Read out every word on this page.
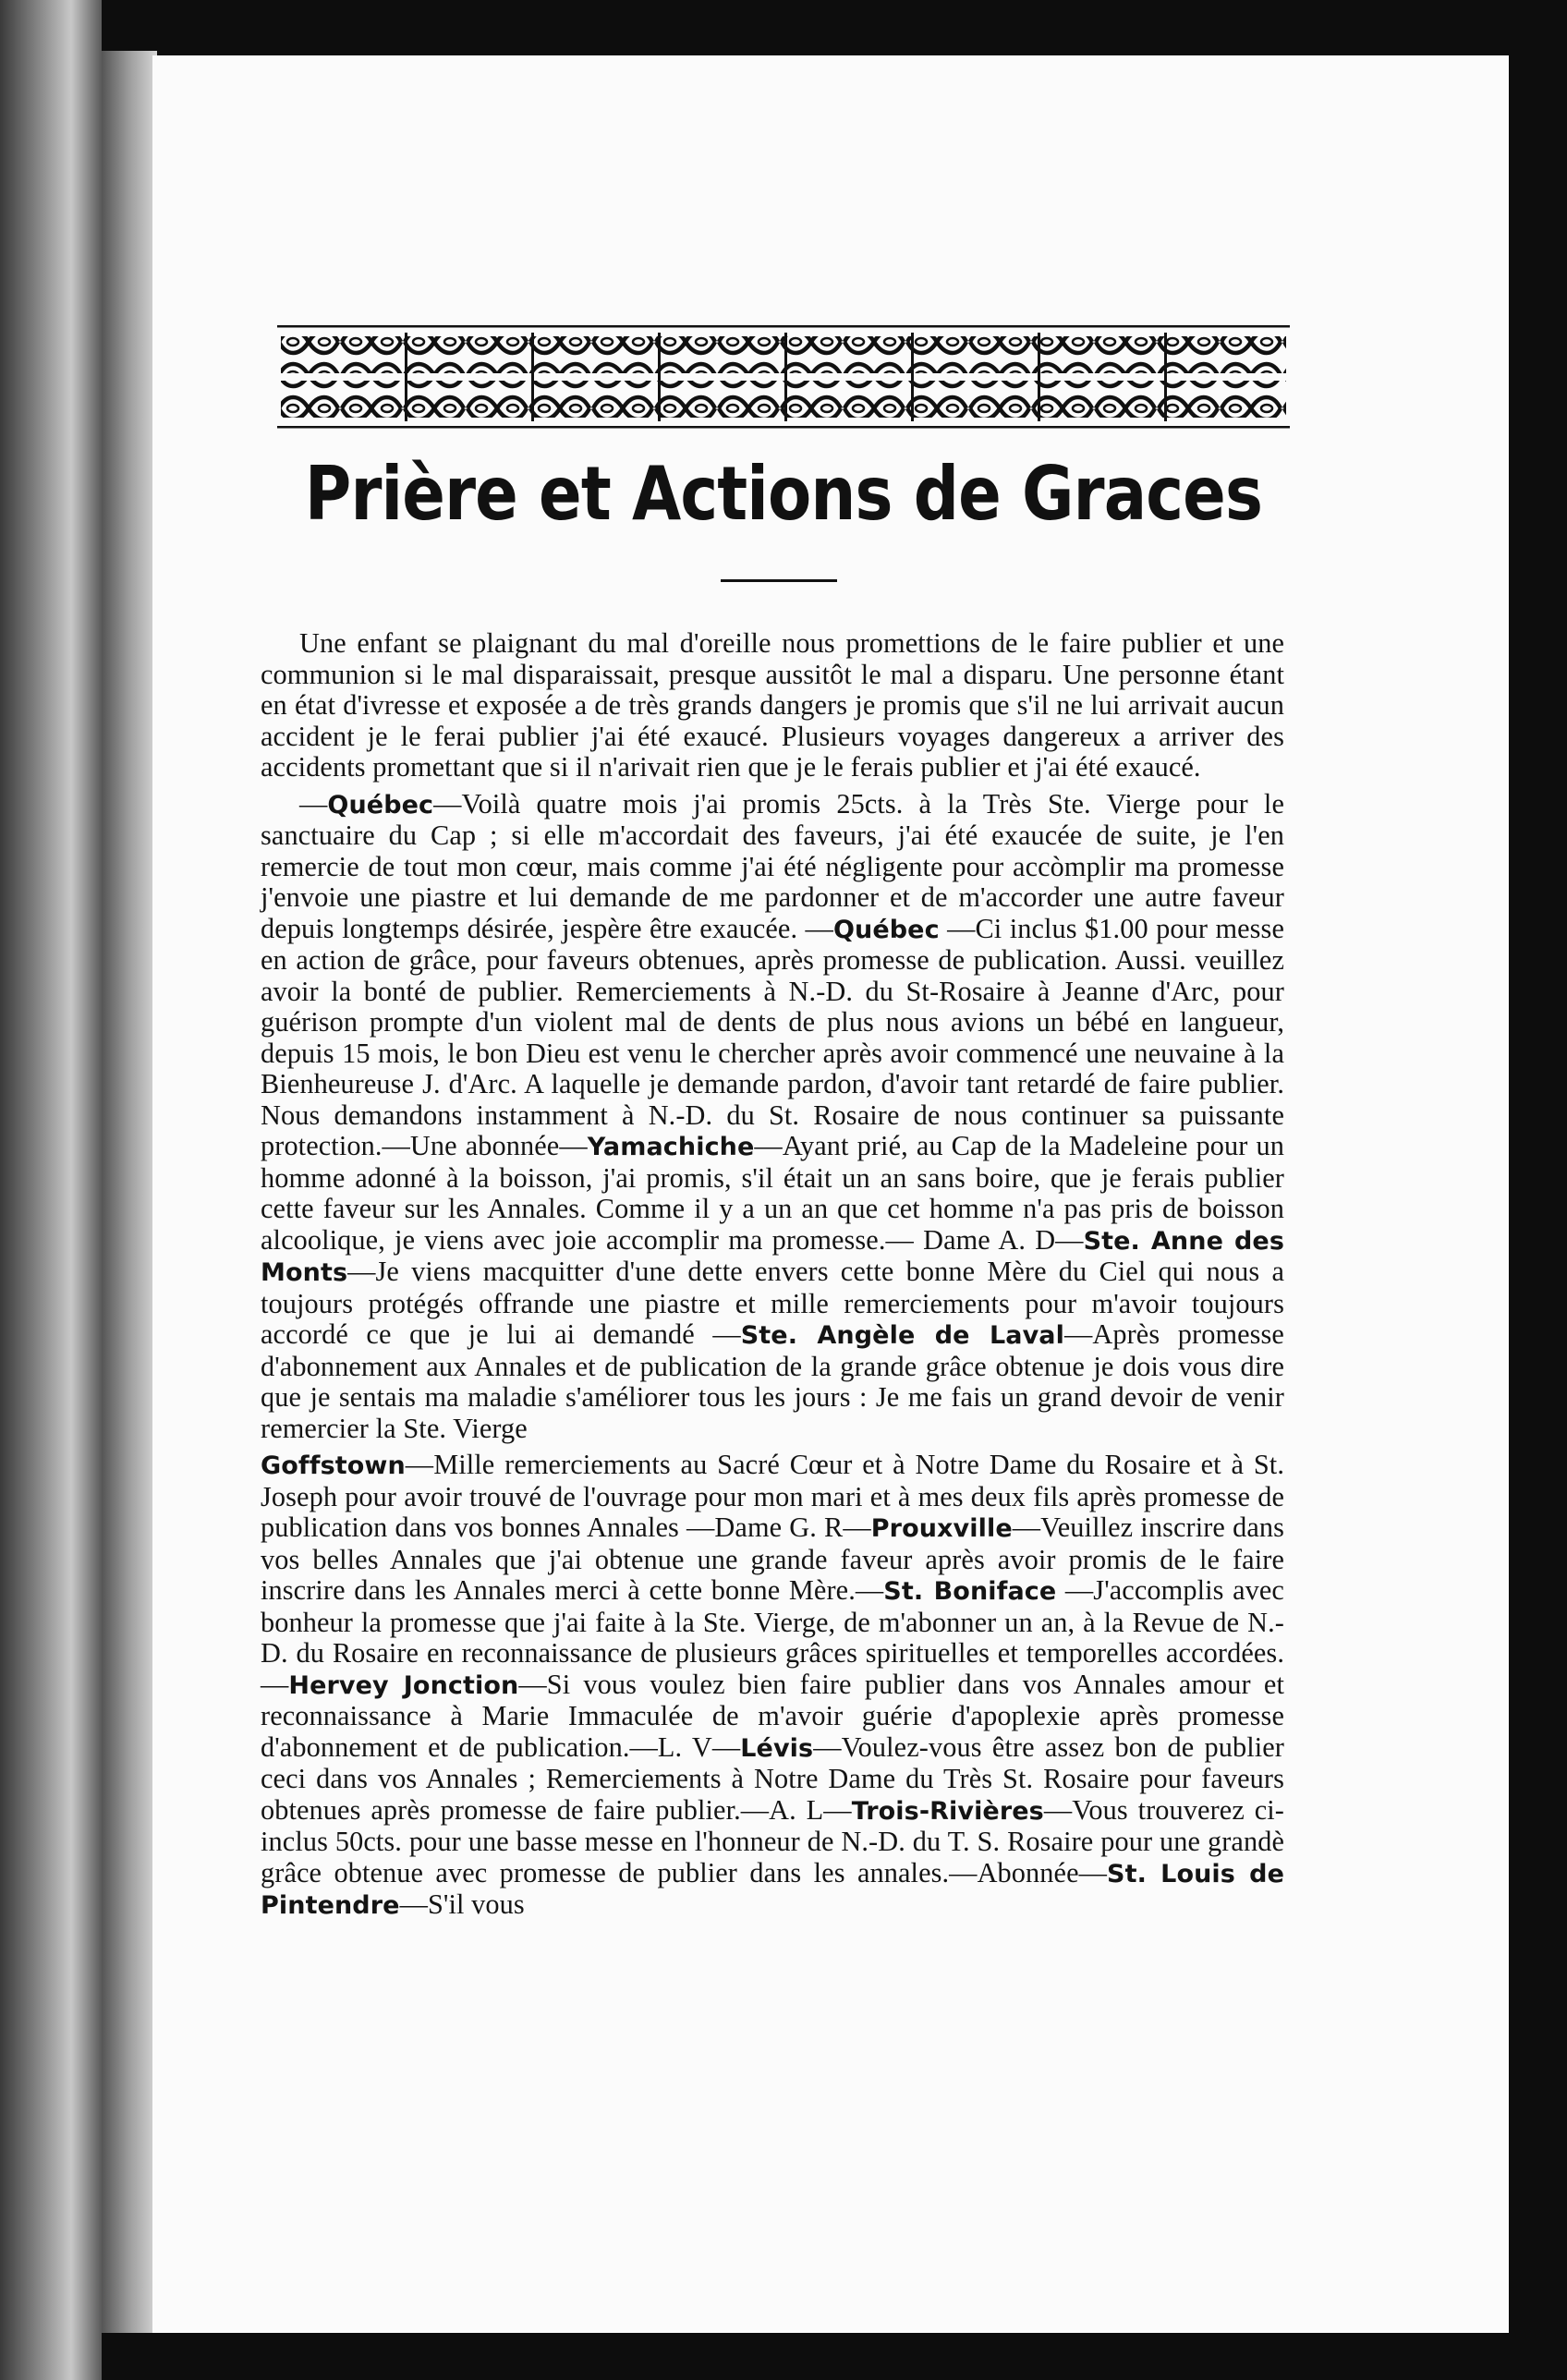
Prière et Actions de Graces

Une enfant se plaignant du mal d'oreille nous promettions de le faire publier et une communion si le mal disparaissait, presque aussitôt le mal a disparu. Une personne étant en état d'ivresse et exposée a de très grands dangers je promis que s'il ne lui arrivait aucun accident je le ferai publier j'ai été exaucé. Plusieurs voyages dangereux a arriver des accidents promettant que si il n'arivait rien que je le ferais publier et j'ai été exaucé.

—Québec—Voilà quatre mois j'ai promis 25cts. à la Très Ste. Vierge pour le sanctuaire du Cap ; si elle m'accordait des faveurs, j'ai été exaucée de suite, je l'en remercie de tout mon cœur, mais comme j'ai été négligente pour accòmplir ma promesse j'envoie une piastre et lui demande de me pardonner et de m'accorder une autre faveur depuis longtemps désirée, jespère être exaucée. —Québec —Ci inclus $1.00 pour messe en action de grâce, pour faveurs obtenues, après promesse de publication. Aussi. veuillez avoir la bonté de publier. Remerciements à N.-D. du St-Rosaire à Jeanne d'Arc, pour guérison prompte d'un violent mal de dents de plus nous avions un bébé en langueur, depuis 15 mois, le bon Dieu est venu le chercher après avoir commencé une neuvaine à la Bienheureuse J. d'Arc. A laquelle je demande pardon, d'avoir tant retardé de faire publier. Nous demandons instamment à N.-D. du St. Rosaire de nous continuer sa puissante protection.—Une abonnée—Yamachiche—Ayant prié, au Cap de la Madeleine pour un homme adonné à la boisson, j'ai promis, s'il était un an sans boire, que je ferais publier cette faveur sur les Annales. Comme il y a un an que cet homme n'a pas pris de boisson alcoolique, je viens avec joie accomplir ma promesse.— Dame A. D—Ste. Anne des Monts—Je viens macquitter d'une dette envers cette bonne Mère du Ciel qui nous a toujours protégés offrande une piastre et mille remerciements pour m'avoir toujours accordé ce que je lui ai demandé —Ste. Angèle de Laval—Après promesse d'abonnement aux Annales et de publication de la grande grâce obtenue je dois vous dire que je sentais ma maladie s'améliorer tous les jours : Je me fais un grand devoir de venir remercier la Ste. Vierge

Goffstown—Mille remerciements au Sacré Cœur et à Notre Dame du Rosaire et à St. Joseph pour avoir trouvé de l'ouvrage pour mon mari et à mes deux fils après promesse de publication dans vos bonnes Annales —Dame G. R—Prouxville—Veuillez inscrire dans vos belles Annales que j'ai obtenue une grande faveur après avoir promis de le faire inscrire dans les Annales merci à cette bonne Mère.—St. Boniface —J'accomplis avec bonheur la promesse que j'ai faite à la Ste. Vierge, de m'abonner un an, à la Revue de N.-D. du Rosaire en reconnaissance de plusieurs grâces spirituelles et temporelles accordées.—Hervey Jonction—Si vous voulez bien faire publier dans vos Annales amour et reconnaissance à Marie Immaculée de m'avoir guérie d'apoplexie après promesse d'abonnement et de publication.—L. V—Lévis—Voulez-vous être assez bon de publier ceci dans vos Annales ; Remerciements à Notre Dame du Très St. Rosaire pour faveurs obtenues après promesse de faire publier.—A. L—Trois-Rivières—Vous trouverez ci-inclus 50cts. pour une basse messe en l'honneur de N.-D. du T. S. Rosaire pour une grandè grâce obtenue avec promesse de publier dans les annales.—Abonnée—St. Louis de Pintendre—S'il vous
